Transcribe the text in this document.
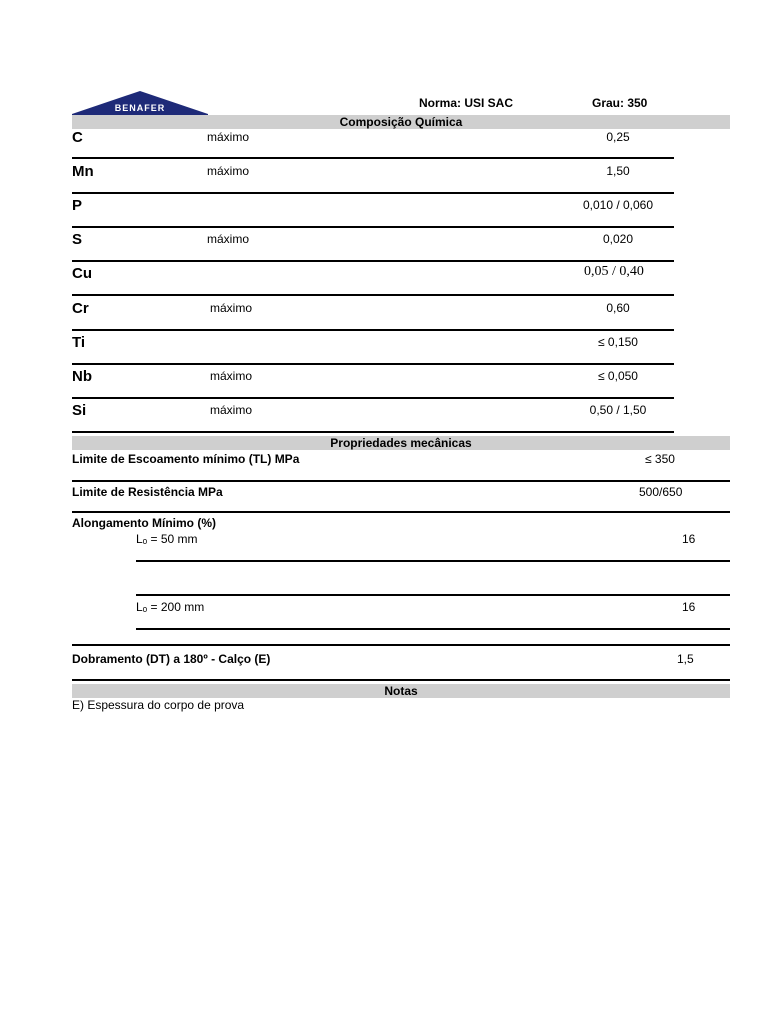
BENAFER	Norma: USI SAC	Grau: 350
Composição Química
C	máximo	0,25
Mn	máximo	1,50
P	0,010 / 0,060
S	máximo	0,020
Cu	0,05 / 0,40
Cr	máximo	0,60
Ti	≤ 0,150
Nb	máximo	≤ 0,050
Si	máximo	0,50 / 1,50
Propriedades mecânicas
Limite de Escoamento mínimo (TL) MPa	≤ 350
Limite de Resistência MPa	500/650
Alongamento Mínimo (%)
Lₒ = 50 mm	16
Lₒ = 200 mm	16
Dobramento (DT) a 180º - Calço (E)	1,5
Notas
E) Espessura do corpo de prova
